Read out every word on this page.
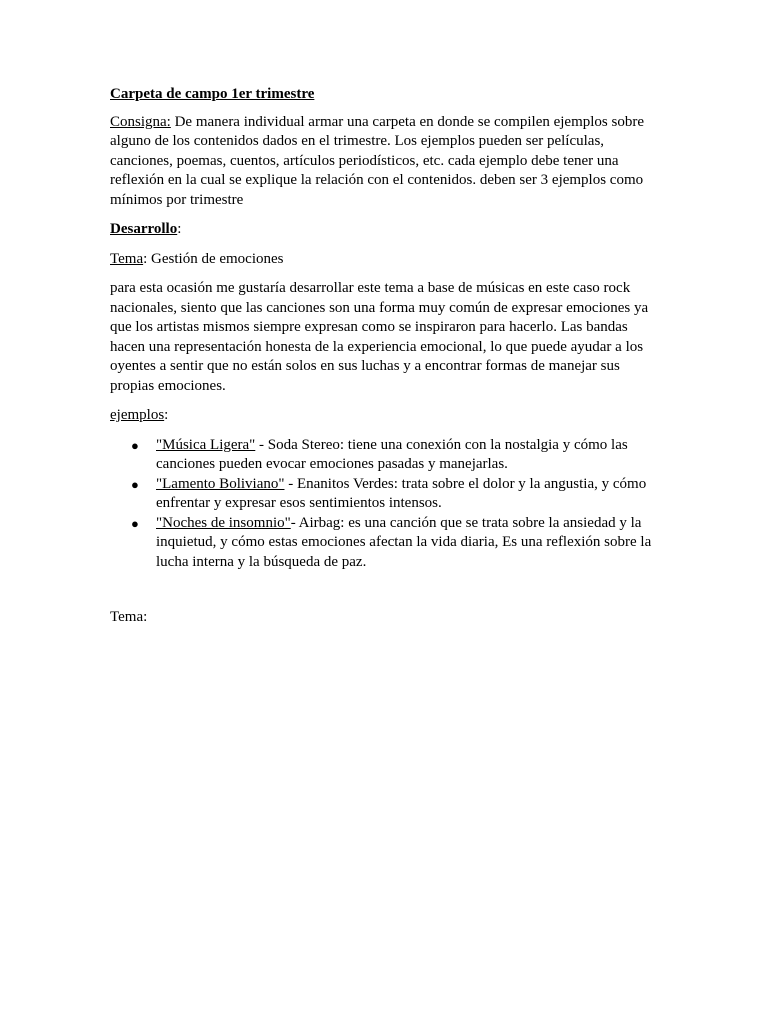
Carpeta de campo 1er trimestre

Consigna: De manera individual armar una carpeta en donde se compilen ejemplos sobre alguno de los contenidos dados en el trimestre. Los ejemplos pueden ser películas, canciones, poemas, cuentos, artículos periodísticos, etc. cada ejemplo debe tener una reflexión en la cual se explique la relación con el contenidos. deben ser 3 ejemplos como mínimos por trimestre

Desarrollo:

Tema: Gestión de emociones

para esta ocasión me gustaría desarrollar este tema a base de músicas en este caso rock nacionales, siento que las canciones son una forma muy común de expresar emociones ya que los artistas mismos siempre expresan como se inspiraron para hacerlo. Las bandas hacen una representación honesta de la experiencia emocional, lo que puede ayudar a los oyentes a sentir que no están solos en sus luchas y a encontrar formas de manejar sus propias emociones.

ejemplos:

● "Música Ligera" - Soda Stereo: tiene una conexión con la nostalgia y cómo las canciones pueden evocar emociones pasadas y manejarlas.
● "Lamento Boliviano" - Enanitos Verdes: trata sobre el dolor y la angustia, y cómo enfrentar y expresar esos sentimientos intensos.
● "Noches de insomnio"- Airbag: es una canción que se trata sobre la ansiedad y la inquietud, y cómo estas emociones afectan la vida diaria, Es una reflexión sobre la lucha interna y la búsqueda de paz.

Tema:
